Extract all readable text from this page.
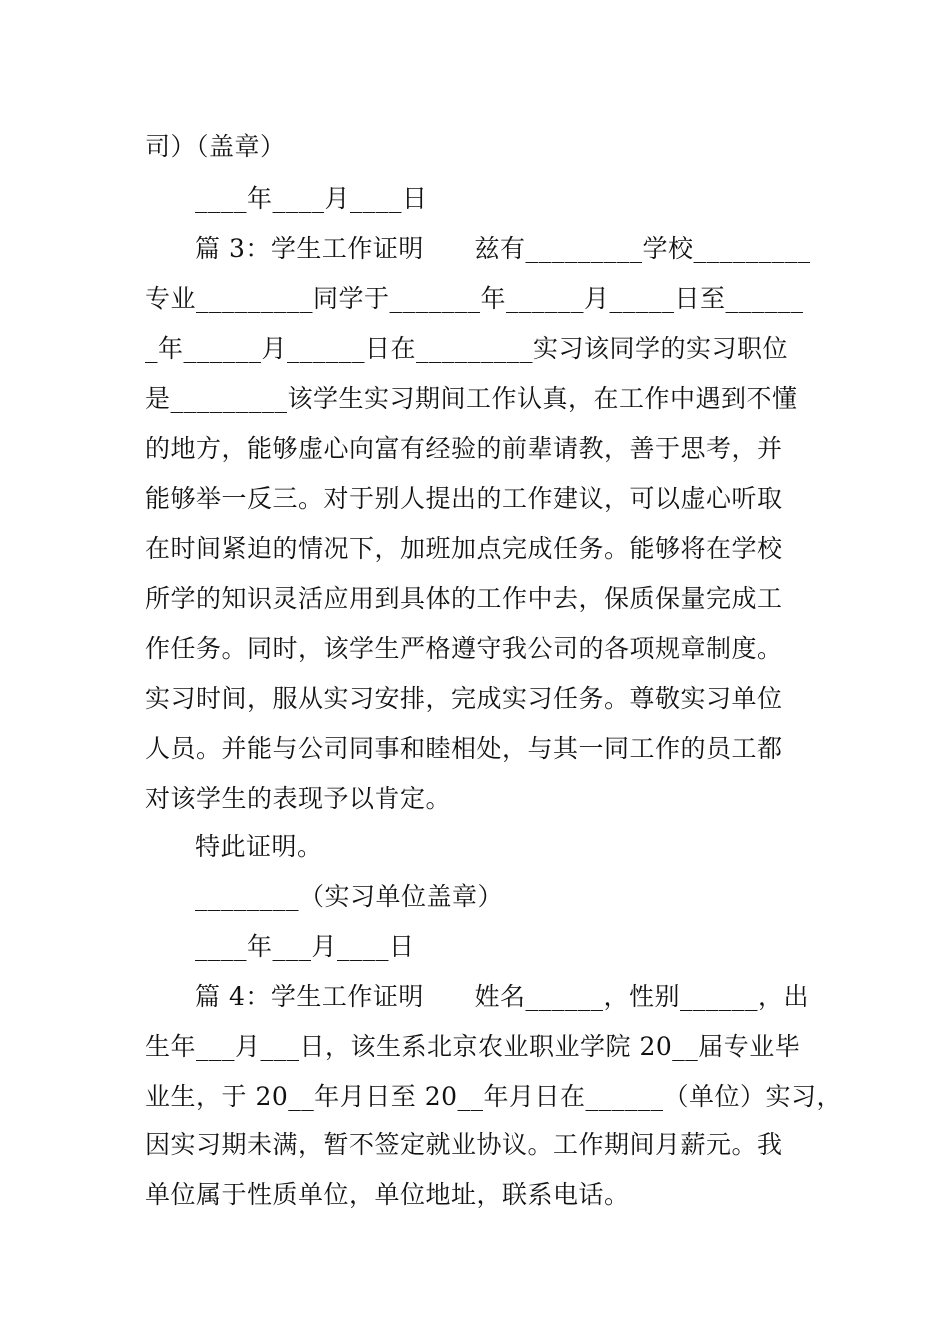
司）（盖章）
____年____月____日
篇 3：学生工作证明      兹有_________学校_________
专业_________同学于_______年______月_____日至______
_年______月______日在_________实习该同学的实习职位
是_________该学生实习期间工作认真，在工作中遇到不懂
的地方，能够虚心向富有经验的前辈请教，善于思考，并
能够举一反三。对于别人提出的工作建议，可以虚心听取
在时间紧迫的情况下，加班加点完成任务。能够将在学校
所学的知识灵活应用到具体的工作中去，保质保量完成工
作任务。同时，该学生严格遵守我公司的各项规章制度。
实习时间，服从实习安排，完成实习任务。尊敬实习单位
人员。并能与公司同事和睦相处，与其一同工作的员工都
对该学生的表现予以肯定。
特此证明。
________（实习单位盖章）
____年___月____日
篇 4：学生工作证明      姓名______，性别______，出
生年___月___日，该生系北京农业职业学院 20__届专业毕
业生，于 20__年月日至 20__年月日在______（单位）实习，
因实习期未满，暂不签定就业协议。工作期间月薪元。我
单位属于性质单位，单位地址，联系电话。
